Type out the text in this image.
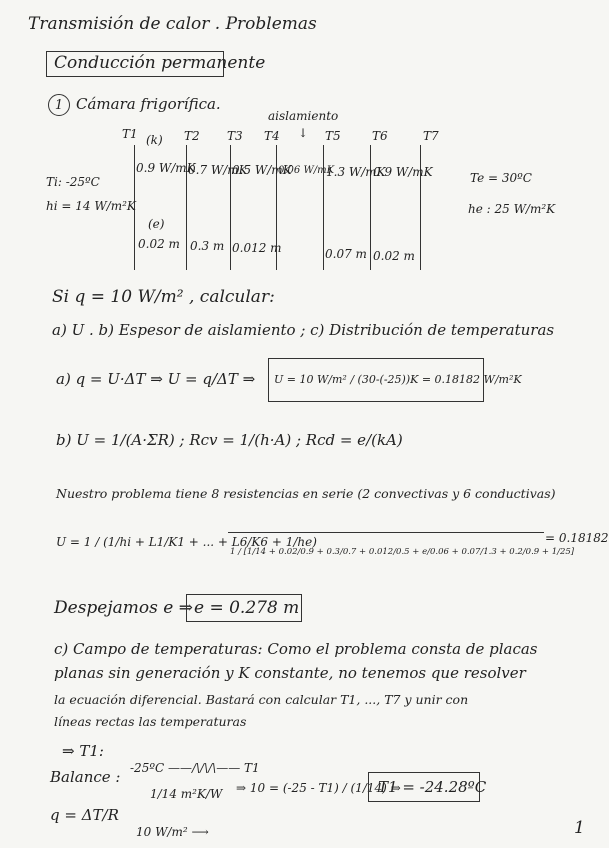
Transmisión de calor . Problemas
Conducción permanente
1 Cámara frigorífica.
aislamiento
↓
T1	T2 T3 T4	T5	T6	T7
(k)
0.9 W/mK
0.7 W/mK
0.5 W/mK
0.06 W/mK
1.3 W/mK
0.9 W/mK
(e)
0.02 m 0.3 m 0.012 m	0.07 m 0.02 m
Ti: -25ºC
hi = 14 W/m²K
Te = 30ºC
he : 25 W/m²K
Si q = 10 W/m² , calcular:
a) U . b) Espesor de aislamiento ; c) Distribución de temperaturas
a) q = U·ΔT ⇒ U = q/ΔT ⇒ U = 10 W/m² / (30-(-25))K = 0.18182 W/m²K
b) U = 1/(A·ΣR) ; Rcv = 1/(h·A) ; Rcd = e/(kA)
Nuestro problema tiene 8 resistencias en serie (2 convectivas y 6 conductivas)
U = 1 / (1/hi + L1/K1 + ... + L6/K6 + 1/he)
1 / [1/14 + 0.02/0.9 + 0.3/0.7 + 0.012/0.5 + e/0.06 + 0.07/1.3 + 0.2/0.9 + 1/25]
= 0.18182
Despejamos e ⇒ e = 0.278 m
c) Campo de temperaturas: Como el problema consta de placas
planas sin generación y K constante, no tenemos que resolver
la ecuación diferencial. Bastará con calcular T1, ..., T7 y unir con
líneas rectas las temperaturas
⇒ T1:
Balance : -25ºC ——/\/\/\—— T1
1/14 m²K/W
10 W/m² ⟶
q = ΔT/R
⇒ 10 = (-25 - T1) / (1/14) ⇒
T1 = -24.28ºC
1
